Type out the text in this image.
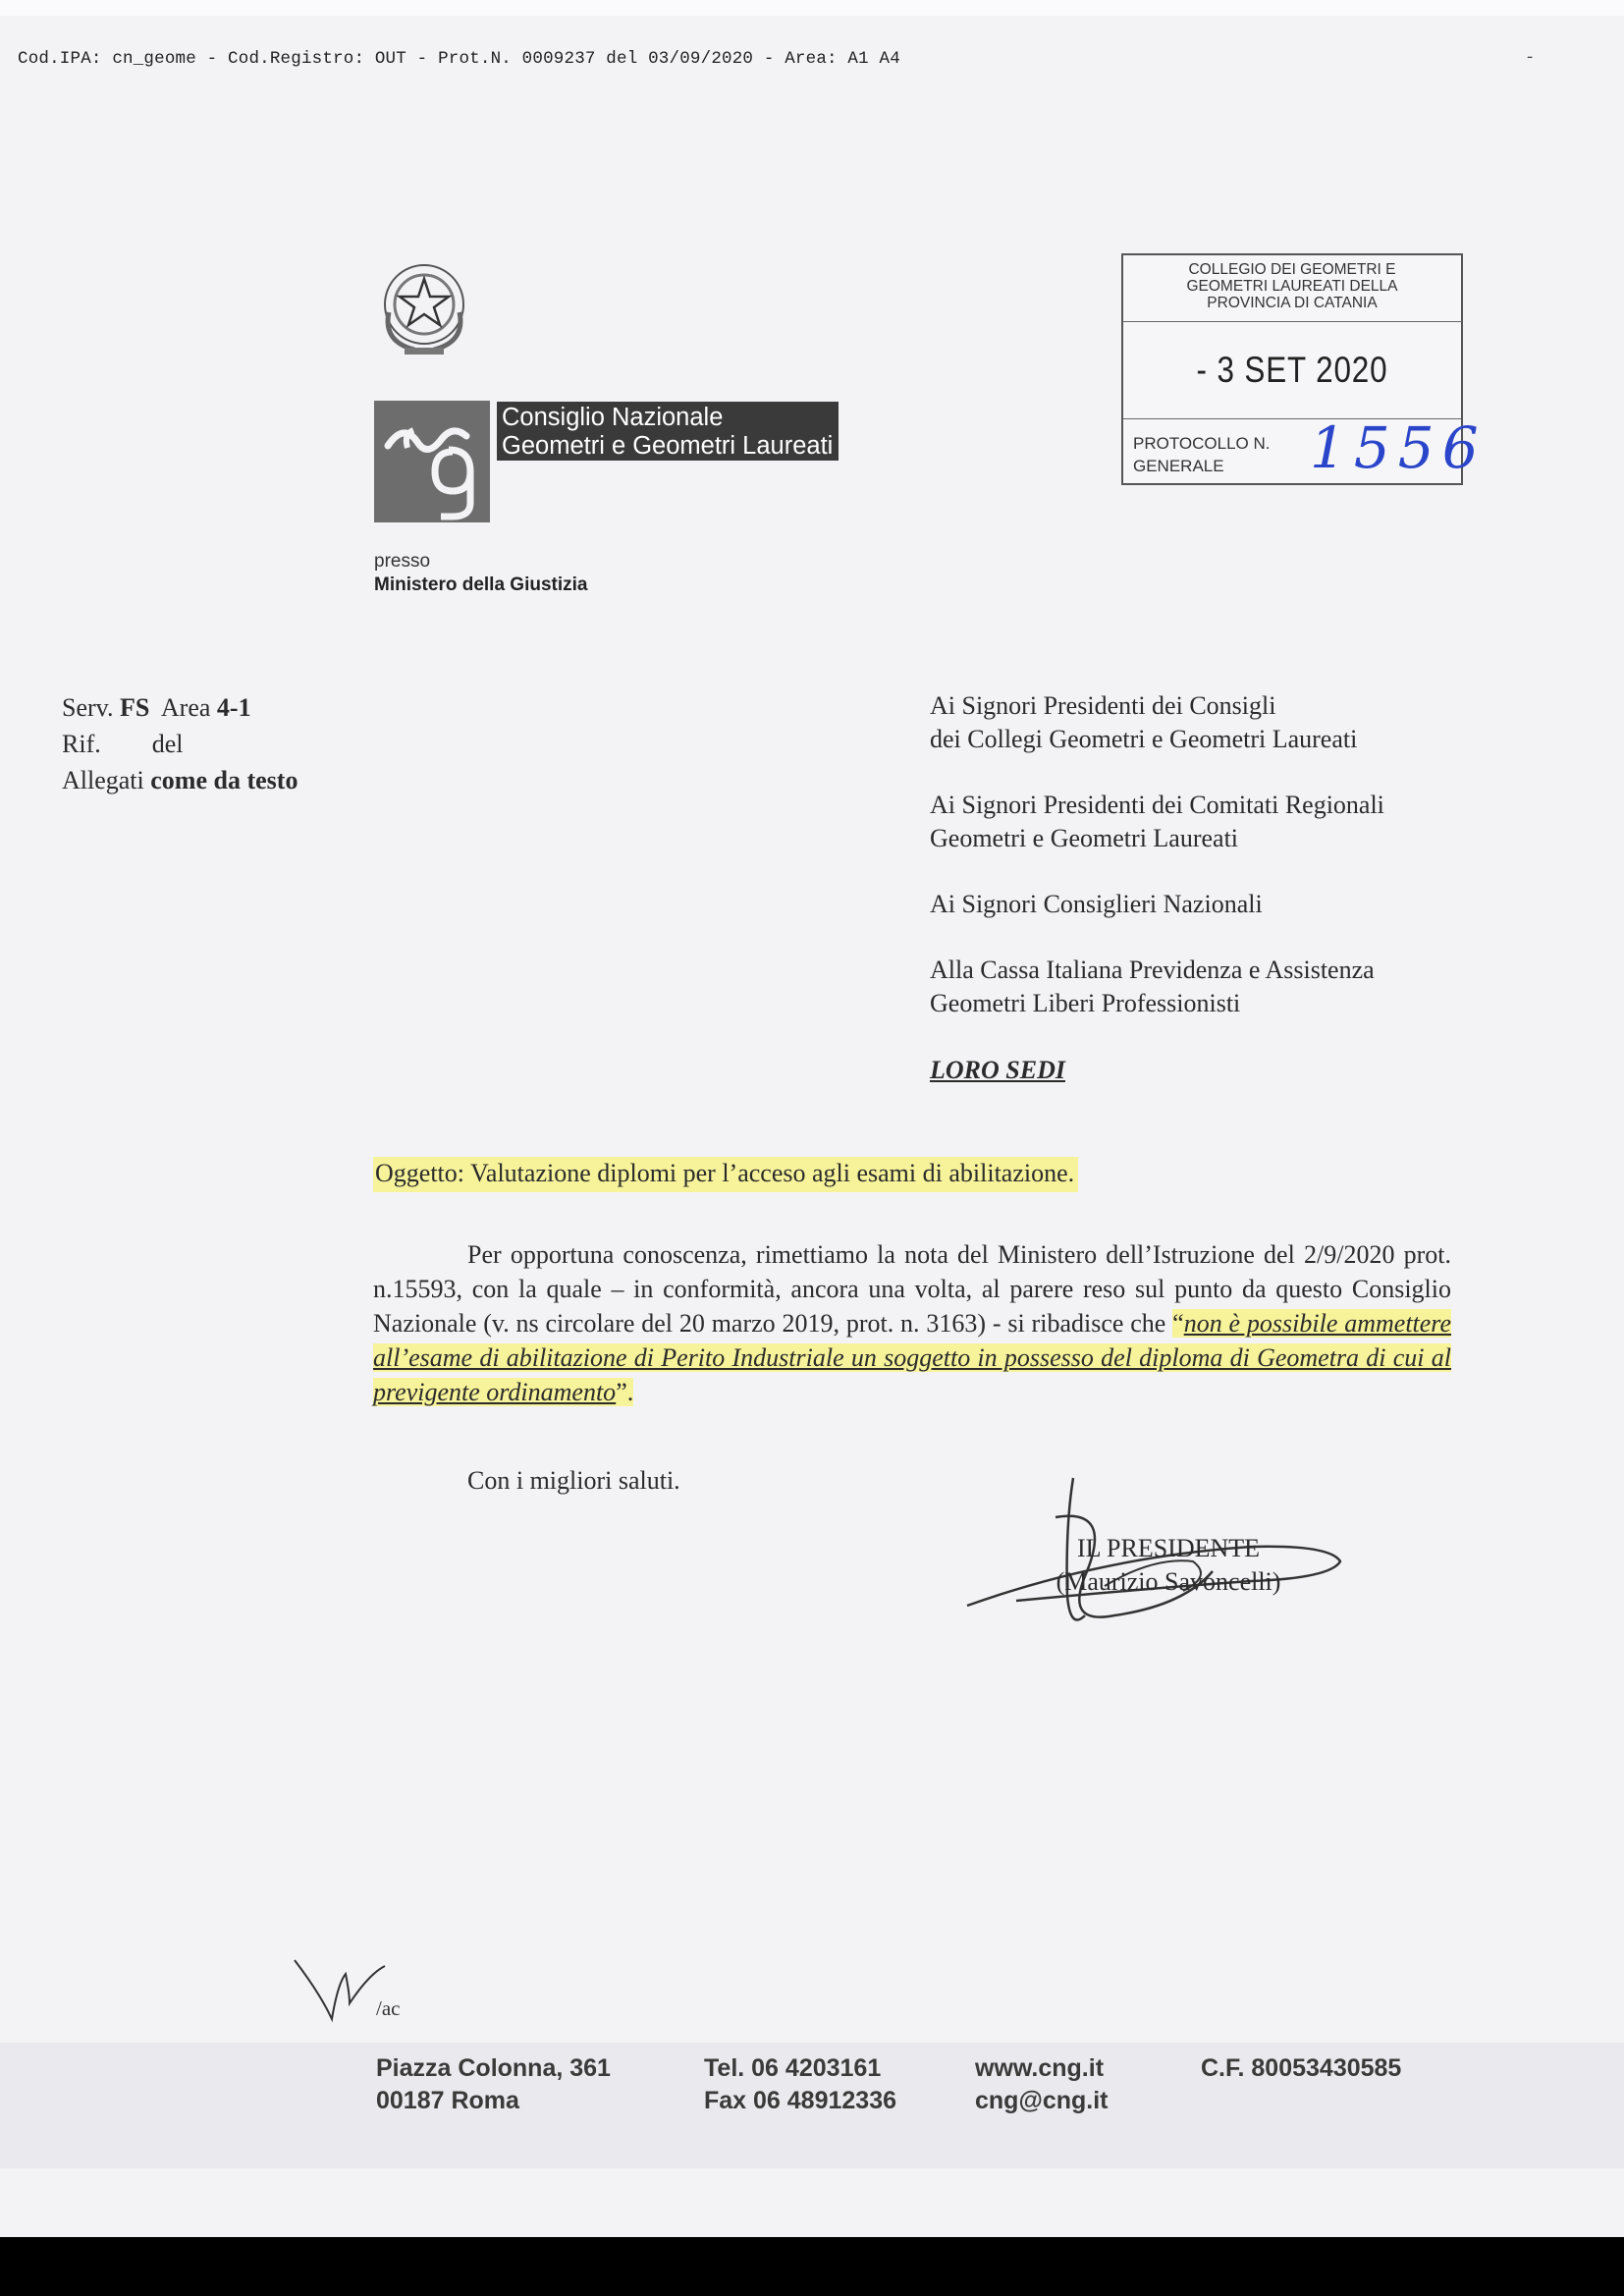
Cod.IPA: cn_geome - Cod.Registro: OUT - Prot.N. 0009237 del 03/09/2020 - Area: A1 A4	-
Consiglio Nazionale
Geometri e Geometri Laureati
presso
Ministero della Giustizia
COLLEGIO DEI GEOMETRI E
GEOMETRI LAUREATI DELLA
PROVINCIA DI CATANIA
- 3 SET 2020
PROTOCOLLO N.
GENERALE	1556
Serv. FS Area 4-1
Rif. del
Allegati come da testo

Ai Signori Presidenti dei Consigli
dei Collegi Geometri e Geometri Laureati

Ai Signori Presidenti dei Comitati Regionali
Geometri e Geometri Laureati

Ai Signori Consiglieri Nazionali

Alla Cassa Italiana Previdenza e Assistenza
Geometri Liberi Professionisti

LORO SEDI
Oggetto: Valutazione diplomi per l’acceso agli esami di abilitazione.
Per opportuna conoscenza, rimettiamo la nota del Ministero dell’Istruzione del 2/9/2020 prot. n.15593, con la quale – in conformità, ancora una volta, al parere reso sul punto da questo Consiglio Nazionale (v. ns circolare del 20 marzo 2019, prot. n. 3163) - si ribadisce che “non è possibile ammettere all’esame di abilitazione di Perito Industriale un soggetto in possesso del diploma di Geometra di cui al previgente ordinamento”.
Con i migliori saluti.
IL PRESIDENTE
(Maurizio Savoncelli)
/ac
Piazza Colonna, 361
00187 Roma
Tel. 06 4203161
Fax 06 48912336
www.cng.it
cng@cng.it
C.F. 80053430585
